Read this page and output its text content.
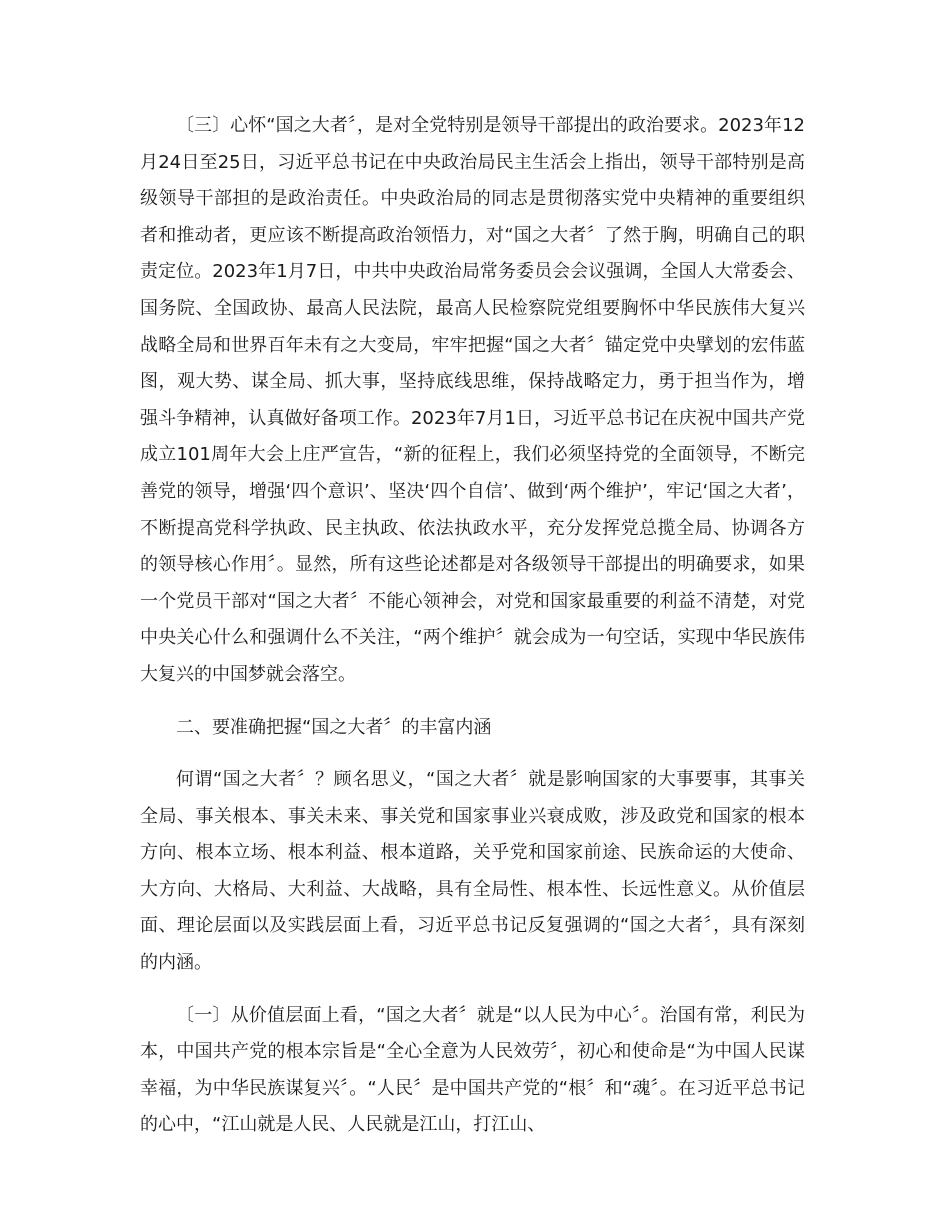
〔三〕心怀“国之大者〞，是对全党特别是领导干部提出的政治要求。2023年12月24日至25日，习近平总书记在中央政治局民主生活会上指出，领导干部特别是高级领导干部担的是政治责任。中央政治局的同志是贯彻落实党中央精神的重要组织者和推动者，更应该不断提高政治领悟力，对“国之大者〞了然于胸，明确自己的职责定位。2023年1月7日，中共中央政治局常务委员会会议强调，全国人大常委会、国务院、全国政协、最高人民法院，最高人民检察院党组要胸怀中华民族伟大复兴战略全局和世界百年未有之大变局，牢牢把握“国之大者〞锚定党中央擘划的宏伟蓝图，观大势、谋全局、抓大事，坚持底线思维，保持战略定力，勇于担当作为，增强斗争精神，认真做好备项工作。2023年7月1日，习近平总书记在庆祝中国共产党成立101周年大会上庄严宣告，“新的征程上，我们必须坚持党的全面领导，不断完善党的领导，增强‘四个意识’、坚决‘四个自信’、做到‘两个维护’，牢记‘国之大者’，不断提高党科学执政、民主执政、依法执政水平，充分发挥党总揽全局、协调各方的领导核心作用〞。显然，所有这些论述都是对各级领导干部提出的明确要求，如果一个党员干部对“国之大者〞不能心领神会，对党和国家最重要的利益不清楚，对党中央关心什么和强调什么不关注，“两个维护〞就会成为一句空话，实现中华民族伟大复兴的中国梦就会落空。

二、要准确把握“国之大者〞的丰富内涵

何谓“国之大者〞？顾名思义，“国之大者〞就是影响国家的大事要事，其事关全局、事关根本、事关未来、事关党和国家事业兴衰成败，涉及政党和国家的根本方向、根本立场、根本利益、根本道路，关乎党和国家前途、民族命运的大使命、大方向、大格局、大利益、大战略，具有全局性、根本性、长远性意义。从价值层面、理论层面以及实践层面上看，习近平总书记反复强调的“国之大者〞，具有深刻的内涵。

〔一〕从价值层面上看，“国之大者〞就是“以人民为中心〞。治国有常，利民为本，中国共产党的根本宗旨是“全心全意为人民效劳〞，初心和使命是“为中国人民谋幸福，为中华民族谋复兴〞。“人民〞是中国共产党的“根〞和“魂〞。在习近平总书记的心中，“江山就是人民、人民就是江山，打江山、
